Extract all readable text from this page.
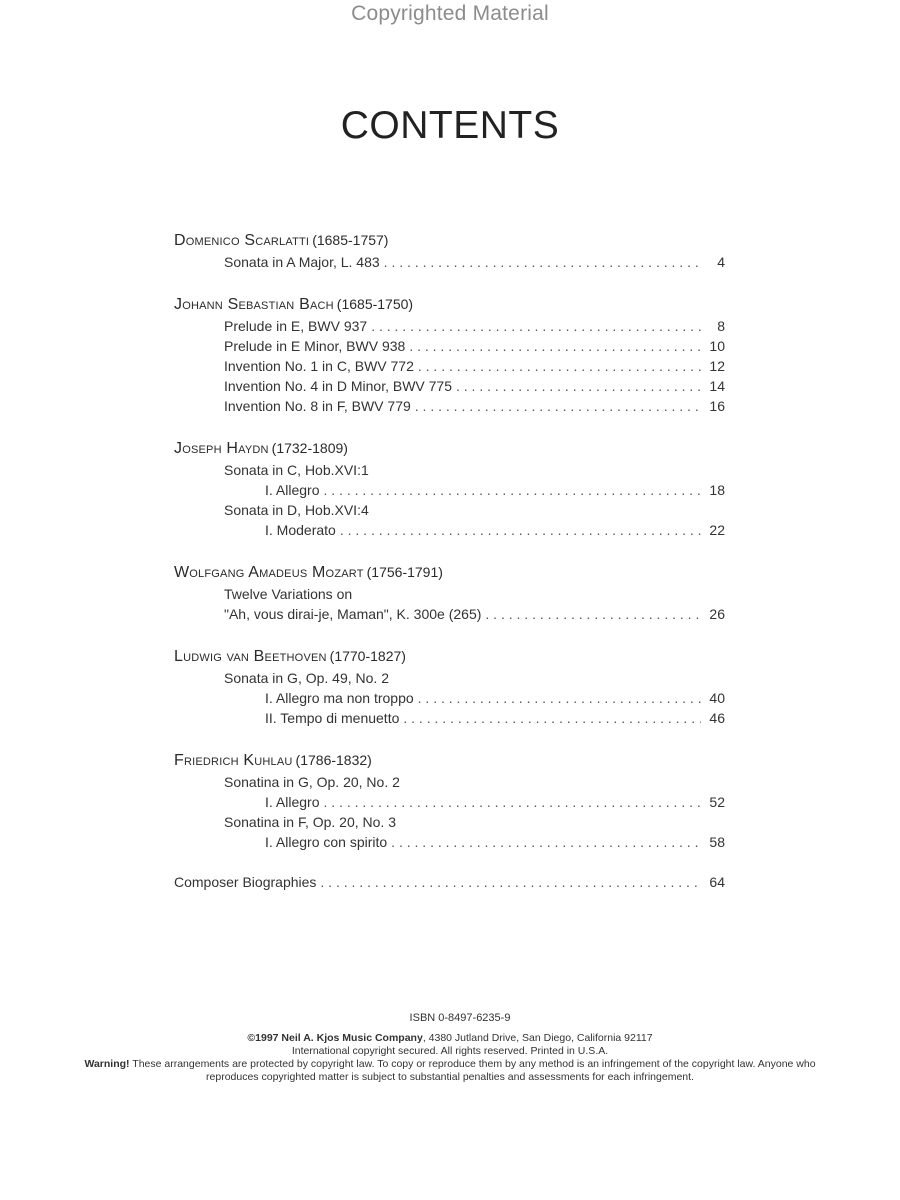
Copyrighted Material
CONTENTS
Domenico Scarlatti (1685-1757)
Sonata in A Major, L. 483 . . .	4
Johann Sebastian Bach (1685-1750)
Prelude in E, BWV 937 . . .	8
Prelude in E Minor, BWV 938 . . .	10
Invention No. 1 in C, BWV 772 . . .	12
Invention No. 4 in D Minor, BWV 775 . . .	14
Invention No. 8 in F, BWV 779 . . .	16
Joseph Haydn (1732-1809)
Sonata in C, Hob.XVI:1
I. Allegro . . .	18
Sonata in D, Hob.XVI:4
I. Moderato . . .	22
Wolfgang Amadeus Mozart (1756-1791)
Twelve Variations on
"Ah, vous dirai-je, Maman", K. 300e (265) . . .	26
Ludwig van Beethoven (1770-1827)
Sonata in G, Op. 49, No. 2
I. Allegro ma non troppo . . .	40
II. Tempo di menuetto . . .	46
Friedrich Kuhlau (1786-1832)
Sonatina in G, Op. 20, No. 2
I. Allegro . . .	52
Sonatina in F, Op. 20, No. 3
I. Allegro con spirito . . .	58
Composer Biographies . . .	64
ISBN 0-8497-6235-9
©1997 Neil A. Kjos Music Company, 4380 Jutland Drive, San Diego, California 92117
International copyright secured. All rights reserved. Printed in U.S.A.
Warning! These arrangements are protected by copyright law. To copy or reproduce them by any method is an infringement of the copyright law. Anyone who reproduces copyrighted matter is subject to substantial penalties and assessments for each infringement.
